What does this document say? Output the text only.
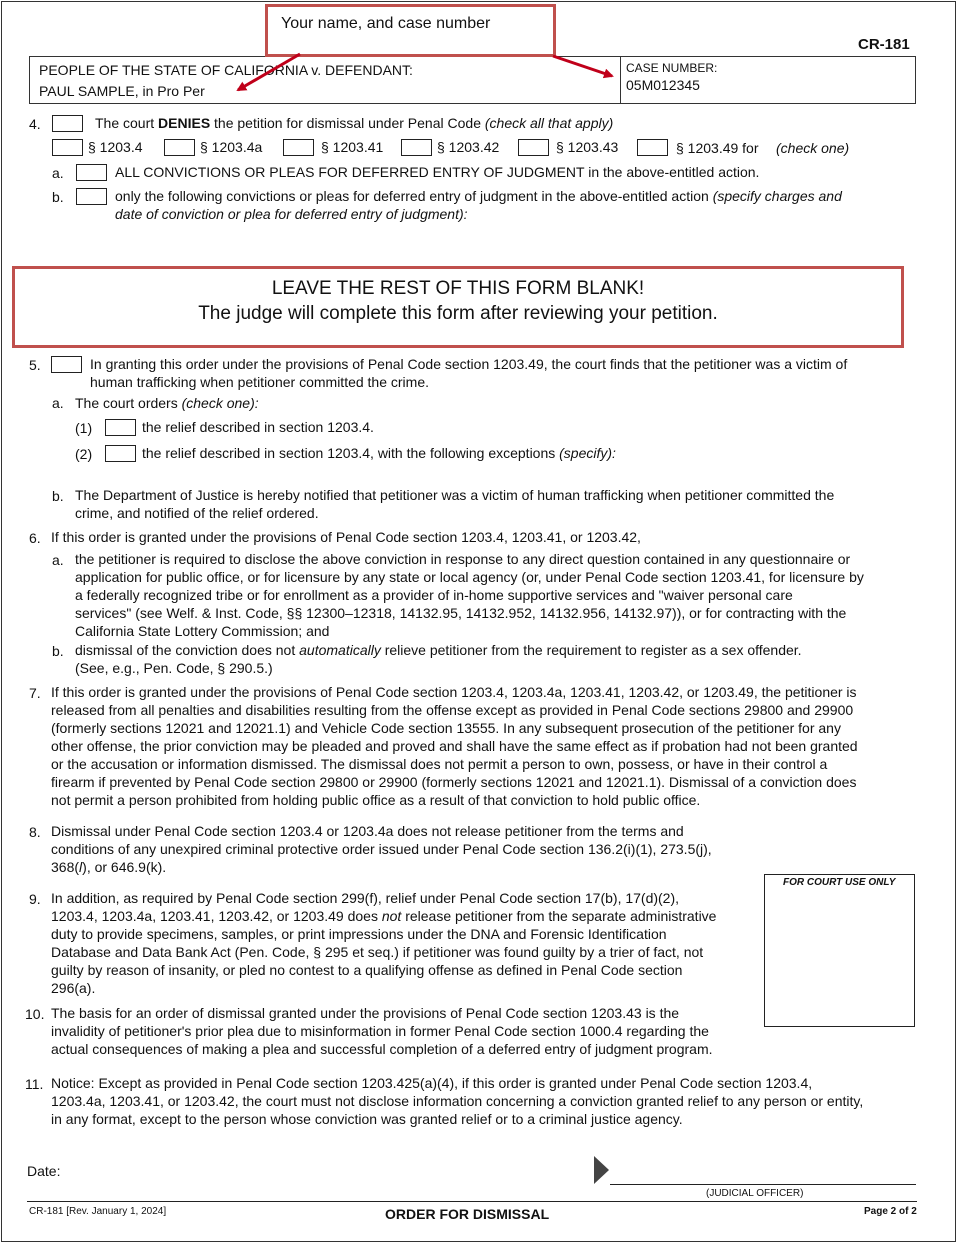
CR-181
PEOPLE OF THE STATE OF CALIFORNIA v. DEFENDANT:
PAUL SAMPLE, in Pro Per
CASE NUMBER:
05M012345
Your name, and case number
4.	The court DENIES the petition for dismissal under Penal Code (check all that apply)
§ 1203.4	§ 1203.4a	§ 1203.41	§ 1203.42	§ 1203.43	§ 1203.49 for (check one)
a.	ALL CONVICTIONS OR PLEAS FOR DEFERRED ENTRY OF JUDGMENT in the above-entitled action.
b.	only the following convictions or pleas for deferred entry of judgment in the above-entitled action (specify charges and
date of conviction or plea for deferred entry of judgment):
LEAVE THE REST OF THIS FORM BLANK!
The judge will complete this form after reviewing your petition.
5.	In granting this order under the provisions of Penal Code section 1203.49, the court finds that the petitioner was a victim of
human trafficking when petitioner committed the crime.
a. The court orders (check one):
(1)	the relief described in section 1203.4.
(2)	the relief described in section 1203.4, with the following exceptions (specify):
b. The Department of Justice is hereby notified that petitioner was a victim of human trafficking when petitioner committed the
crime, and notified of the relief ordered.
6. If this order is granted under the provisions of Penal Code section 1203.4, 1203.41, or 1203.42,
a. the petitioner is required to disclose the above conviction in response to any direct question contained in any questionnaire or
application for public office, or for licensure by any state or local agency (or, under Penal Code section 1203.41, for licensure by
a federally recognized tribe or for enrollment as a provider of in-home supportive services and "waiver personal care
services" (see Welf. & Inst. Code, §§ 12300–12318, 14132.95, 14132.952, 14132.956, 14132.97)), or for contracting with the
California State Lottery Commission; and
b. dismissal of the conviction does not automatically relieve petitioner from the requirement to register as a sex offender.
(See, e.g., Pen. Code, § 290.5.)
7. If this order is granted under the provisions of Penal Code section 1203.4, 1203.4a, 1203.41, 1203.42, or 1203.49, the petitioner is
released from all penalties and disabilities resulting from the offense except as provided in Penal Code sections 29800 and 29900
(formerly sections 12021 and 12021.1) and Vehicle Code section 13555. In any subsequent prosecution of the petitioner for any
other offense, the prior conviction may be pleaded and proved and shall have the same effect as if probation had not been granted
or the accusation or information dismissed. The dismissal does not permit a person to own, possess, or have in their control a
firearm if prevented by Penal Code section 29800 or 29900 (formerly sections 12021 and 12021.1). Dismissal of a conviction does
not permit a person prohibited from holding public office as a result of that conviction to hold public office.
8. Dismissal under Penal Code section 1203.4 or 1203.4a does not release petitioner from the terms and
conditions of any unexpired criminal protective order issued under Penal Code section 136.2(i)(1), 273.5(j),
368(l), or 646.9(k).
FOR COURT USE ONLY
9. In addition, as required by Penal Code section 299(f), relief under Penal Code section 17(b), 17(d)(2),
1203.4, 1203.4a, 1203.41, 1203.42, or 1203.49 does not release petitioner from the separate administrative
duty to provide specimens, samples, or print impressions under the DNA and Forensic Identification
Database and Data Bank Act (Pen. Code, § 295 et seq.) if petitioner was found guilty by a trier of fact, not
guilty by reason of insanity, or pled no contest to a qualifying offense as defined in Penal Code section
296(a).
10. The basis for an order of dismissal granted under the provisions of Penal Code section 1203.43 is the
invalidity of petitioner's prior plea due to misinformation in former Penal Code section 1000.4 regarding the
actual consequences of making a plea and successful completion of a deferred entry of judgment program.
11. Notice: Except as provided in Penal Code section 1203.425(a)(4), if this order is granted under Penal Code section 1203.4,
1203.4a, 1203.41, or 1203.42, the court must not disclose information concerning a conviction granted relief to any person or entity,
in any format, except to the person whose conviction was granted relief or to a criminal justice agency.
Date:
(JUDICIAL OFFICER)
CR-181 [Rev. January 1, 2024]	ORDER FOR DISMISSAL	Page 2 of 2
